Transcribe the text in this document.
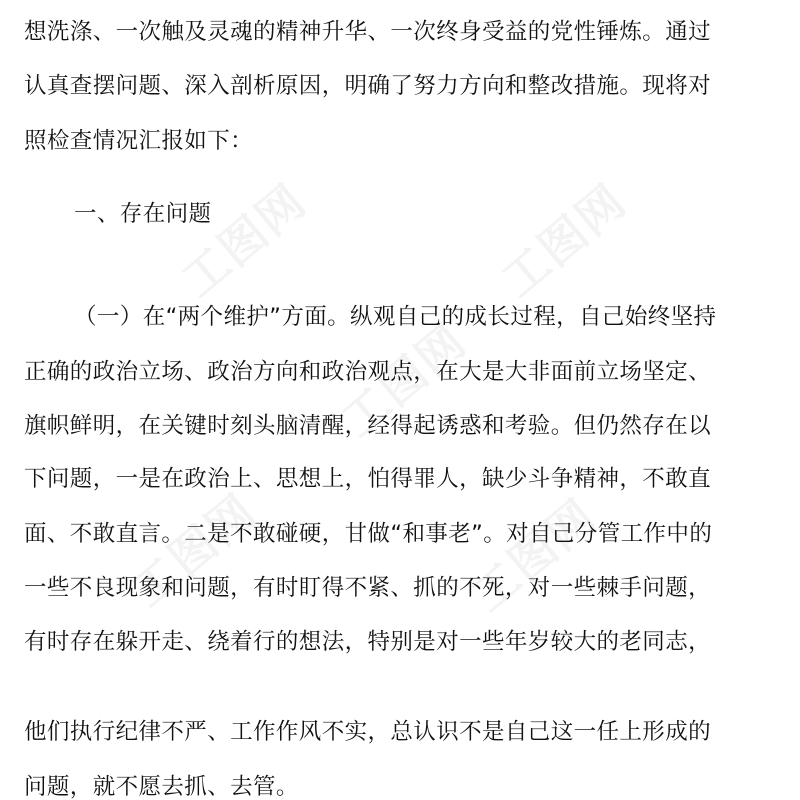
工图网	工图网
工图网
工图网	工图网
想洗涤、一次触及灵魂的精神升华、一次终身受益的党性锤炼。通过
认真查摆问题、深入剖析原因，明确了努力方向和整改措施。现将对
照检查情况汇报如下：
一、存在问题
（一）在“两个维护”方面。纵观自己的成长过程，自己始终坚持
正确的政治立场、政治方向和政治观点，在大是大非面前立场坚定、
旗帜鲜明，在关键时刻头脑清醒，经得起诱惑和考验。但仍然存在以
下问题，一是在政治上、思想上，怕得罪人，缺少斗争精神，不敢直
面、不敢直言。二是不敢碰硬，甘做“和事老”。对自己分管工作中的
一些不良现象和问题，有时盯得不紧、抓的不死，对一些棘手问题，
有时存在躲开走、绕着行的想法，特别是对一些年岁较大的老同志，
他们执行纪律不严、工作作风不实，总认识不是自己这一任上形成的
问题，就不愿去抓、去管。
